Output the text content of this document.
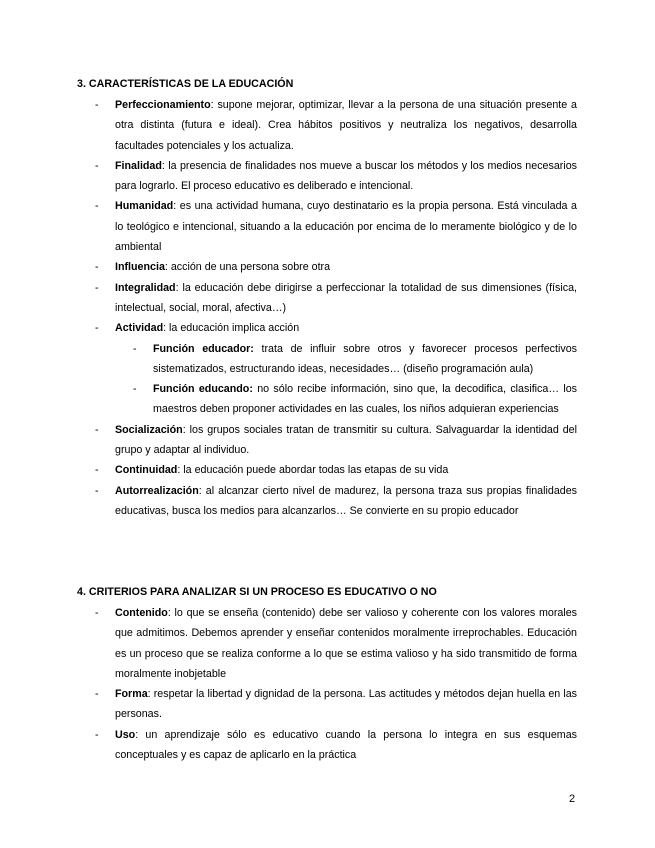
3. CARACTERÍSTICAS DE LA EDUCACIÓN
- Perfeccionamiento: supone mejorar, optimizar, llevar a la persona de una situación presente a otra distinta (futura e ideal). Crea hábitos positivos y neutraliza los negativos, desarrolla facultades potenciales y los actualiza.
- Finalidad: la presencia de finalidades nos mueve a buscar los métodos y los medios necesarios para lograrlo. El proceso educativo es deliberado e intencional.
- Humanidad: es una actividad humana, cuyo destinatario es la propia persona. Está vinculada a lo teológico e intencional, situando a la educación por encima de lo meramente biológico y de lo ambiental
- Influencia: acción de una persona sobre otra
- Integralidad: la educación debe dirigirse a perfeccionar la totalidad de sus dimensiones (física, intelectual, social, moral, afectiva…)
- Actividad: la educación implica acción
- Función educador: trata de influir sobre otros y favorecer procesos perfectivos sistematizados, estructurando ideas, necesidades… (diseño programación aula)
- Función educando: no sólo recibe información, sino que, la decodifica, clasifica… los maestros deben proponer actividades en las cuales, los niños adquieran experiencias
- Socialización: los grupos sociales tratan de transmitir su cultura. Salvaguardar la identidad del grupo y adaptar al individuo.
- Continuidad: la educación puede abordar todas las etapas de su vida
- Autorrealización: al alcanzar cierto nivel de madurez, la persona traza sus propias finalidades educativas, busca los medios para alcanzarlos… Se convierte en su propio educador
4. CRITERIOS PARA ANALIZAR SI UN PROCESO ES EDUCATIVO O NO
- Contenido: lo que se enseña (contenido) debe ser valioso y coherente con los valores morales que admitimos. Debemos aprender y enseñar contenidos moralmente irreprochables. Educación es un proceso que se realiza conforme a lo que se estima valioso y ha sido transmitido de forma moralmente inobjetable
- Forma: respetar la libertad y dignidad de la persona. Las actitudes y métodos dejan huella en las personas.
- Uso: un aprendizaje sólo es educativo cuando la persona lo integra en sus esquemas conceptuales y es capaz de aplicarlo en la práctica
2
